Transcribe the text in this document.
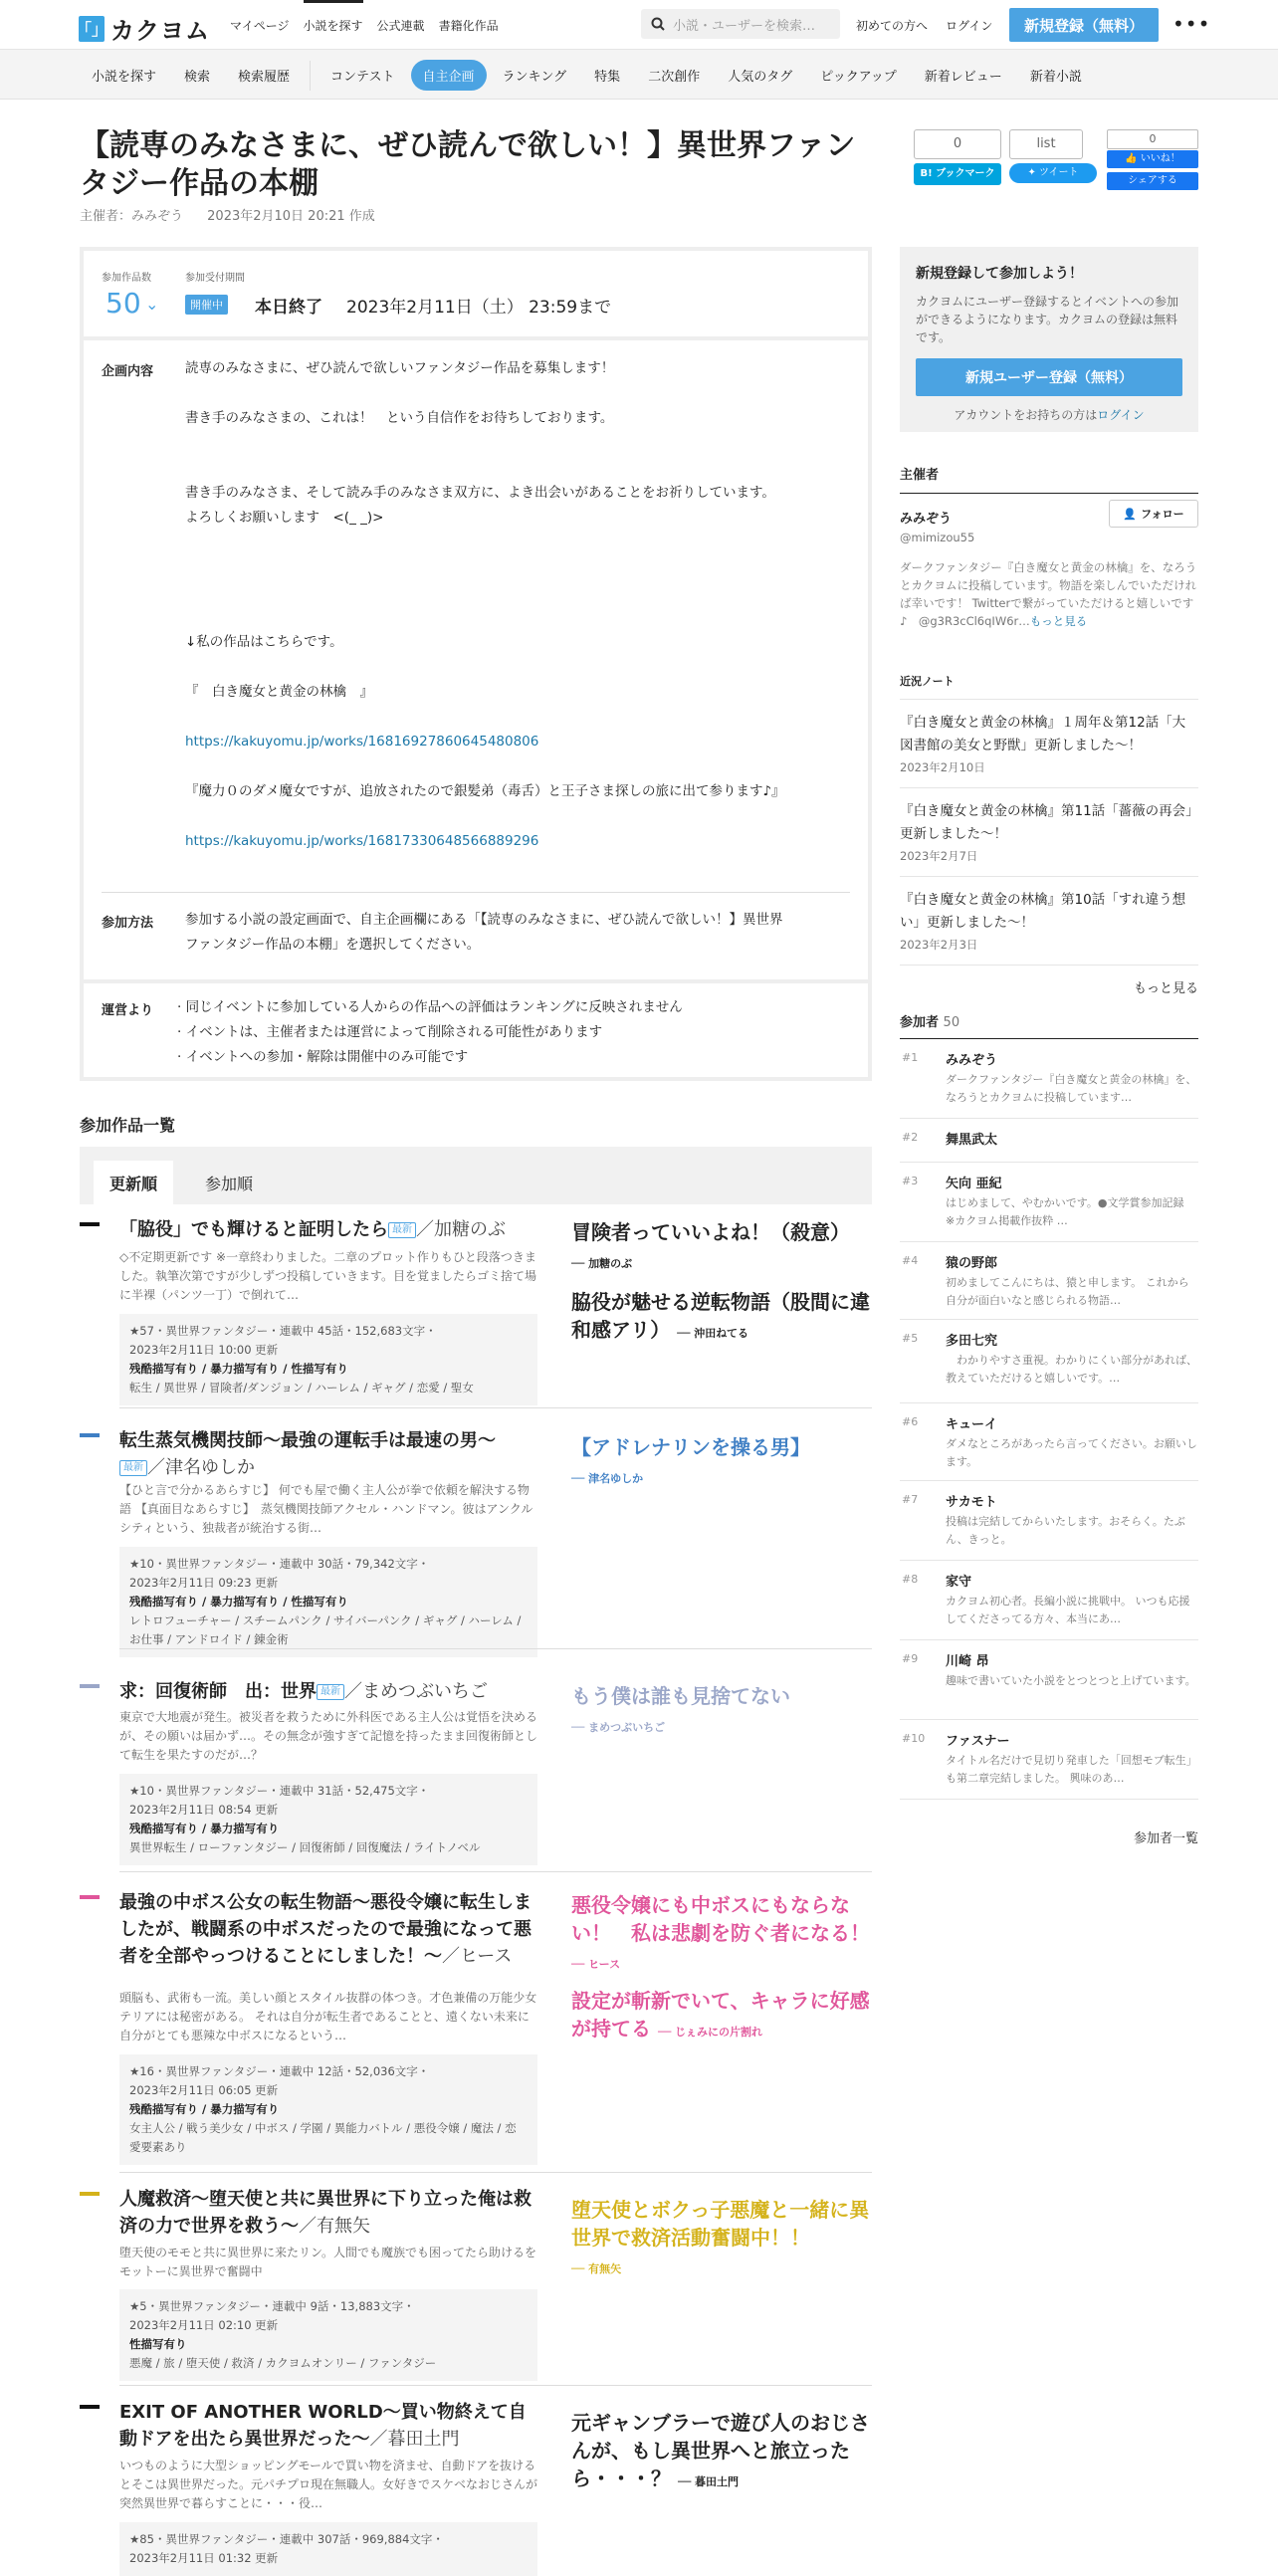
「」 カクヨム マイページ 小説を探す 公式連載 書籍化作品	小説・ユーザーを検索…	初めての方へ ログイン	新規登録（無料）	•••
小説を探す	検索	検索履歴	コンテスト	自主企画	ランキング	特集	二次創作	人気のタグ	ピックアップ	新着レビュー	新着小説
【読専のみなさまに、ぜひ読んで欲しい！】異世界ファンタジー作品の本棚
主催者：みみぞう 2023年2月10日 20:21 作成
0
B! ブックマーク
list
✦ ツイート
0
👍 いいね！
シェアする
参加作品数
50 ⌄
参加受付期間
開催中 本日終了 2023年2月11日（土） 23:59まで
企画内容 読専のみなさまに、ぜひ読んで欲しいファンタジー作品を募集します！
書き手のみなさまの、これは！　という自信作をお待ちしております。
書き手のみなさま、そして読み手のみなさま双方に、よき出会いがあることをお祈りしています。
よろしくお願いします　<(_ _)>
↓私の作品はこちらです。
『　白き魔女と黄金の林檎　』
https://kakuyomu.jp/works/16816927860645480806
『魔力０のダメ魔女ですが、追放されたので銀髪弟（毒舌）と王子さま探しの旅に出て参ります♪』
https://kakuyomu.jp/works/16817330648566889296
参加方法 参加する小説の設定画面で、自主企画欄にある「【読専のみなさまに、ぜひ読んで欲しい！】異世界
ファンタジー作品の本棚」を選択してください。
運営より · 同じイベントに参加している人からの作品への評価はランキングに反映されません
· イベントは、主催者または運営によって削除される可能性があります
· イベントへの参加・解除は開催中のみ可能です
参加作品一覧
更新順	参加順
「脇役」でも輝けると証明したら 最新 ／加糖のぶ
◇不定期更新です ※一章終わりました。二章のプロット作りもひと段落つきました。執筆次第ですが少しずつ投稿していきます。目を覚ましたらゴミ捨て場に半裸（パンツ一丁）で倒れて…
★57・異世界ファンタジー・連載中 45話・152,683文字・
2023年2月11日 10:00 更新
残酷描写有り / 暴力描写有り / 性描写有り
転生 / 異世界 / 冒険者/ダンジョン / ハーレム / ギャグ / 恋愛 / 聖女
冒険者っていいよね！（殺意）
── 加糖のぶ
脇役が魅せる逆転物語（股間に違和感アリ） ── 沖田ねてる
転生蒸気機関技師～最強の運転手は最速の男～
最新 ／津名ゆしか
【ひと言で分かるあらすじ】 何でも屋で働く主人公が拳で依頼を解決する物語 【真面目なあらすじ】　蒸気機関技師アクセル・ハンドマン。彼はアンクルシティという、独裁者が統治する街…
★10・異世界ファンタジー・連載中 30話・79,342文字・
2023年2月11日 09:23 更新
残酷描写有り / 暴力描写有り / 性描写有り
レトロフューチャー / スチームパンク / サイバーパンク / ギャグ / ハーレム / お仕事 / アンドロイド / 錬金術
【アドレナリンを操る男】
── 津名ゆしか
求：回復術師　出：世界 最新 ／まめつぶいちご
東京で大地震が発生。被災者を救うために外科医である主人公は覚悟を決めるが、その願いは届かず…。その無念が強すぎて記憶を持ったまま回復術師として転生を果たすのだが…？
★10・異世界ファンタジー・連載中 31話・52,475文字・
2023年2月11日 08:54 更新
残酷描写有り / 暴力描写有り
異世界転生 / ローファンタジー / 回復術師 / 回復魔法 / ライトノベル
もう僕は誰も見捨てない
── まめつぶいちご
最強の中ボス公女の転生物語～悪役令嬢に転生しましたが、戦闘系の中ボスだったので最強になって悪者を全部やっつけることにしました！～／ヒース
頭脳も、武術も一流。美しい顔とスタイル抜群の体つき。才色兼備の万能少女テリアには秘密がある。 それは自分が転生者であることと、遠くない未来に自分がとても悪辣な中ボスになるという…
★16・異世界ファンタジー・連載中 12話・52,036文字・
2023年2月11日 06:05 更新
残酷描写有り / 暴力描写有り
女主人公 / 戦う美少女 / 中ボス / 学園 / 異能力バトル / 悪役令嬢 / 魔法 / 恋愛要素あり
悪役令嬢にも中ボスにもならない！　私は悲劇を防ぐ者になる！ ── ヒース
設定が斬新でいて、キャラに好感が持てる ── じぇみにの片割れ
人魔救済～堕天使と共に異世界に下り立った俺は救済の力で世界を救う～／有無矢
堕天使のモモと共に異世界に来たリン。人間でも魔族でも困ってたら助けるをモットーに異世界で奮闘中
★5・異世界ファンタジー・連載中 9話・13,883文字・
2023年2月11日 02:10 更新
性描写有り
悪魔 / 旅 / 堕天使 / 救済 / カクヨムオンリー / ファンタジー
堕天使とボクっ子悪魔と一緒に異世界で救済活動奮闘中！！
── 有無矢
EXIT OF ANOTHER WORLD～買い物終えて自動ドアを出たら異世界だった～／暮田土門
いつものように大型ショッピングモールで買い物を済ませ、自動ドアを抜けるとそこは異世界だった。元パチプロ現在無職人。女好きでスケベなおじさんが突然異世界で暮らすことに・・・役…
★85・異世界ファンタジー・連載中 307話・969,884文字・
2023年2月11日 01:32 更新
元ギャンブラーで遊び人のおじさんが、もし異世界へと旅立ったら・・・？ ── 暮田土門
新規登録して参加しよう！
カクヨムにユーザー登録するとイベントへの参加ができるようになります。カクヨムの登録は無料です。
新規ユーザー登録（無料）
アカウントをお持ちの方はログイン
主催者
みみぞう
@mimizou55
👤 フォロー
ダークファンタジー『白き魔女と黄金の林檎』を、なろうとカクヨムに投稿しています。物語を楽しんでいただければ幸いです！ Twitterで繋がっていただけると嬉しいです♪　@g3R3cCl6qIW6r…もっと見る
近況ノート
『白き魔女と黄金の林檎』１周年＆第12話「大図書館の美女と野獣」更新しました～！
2023年2月10日
『白き魔女と黄金の林檎』第11話「薔薇の再会」更新しました～！
2023年2月7日
『白き魔女と黄金の林檎』第10話「すれ違う想い」更新しました～！
2023年2月3日
もっと見る
参加者 50
#1 みみぞう
ダークファンタジー『白き魔女と黄金の林檎』を、なろうとカクヨムに投稿しています…
#2 舞黒武太
#3 矢向 亜紀
はじめまして、やむかいです。●文学賞参加記録　※カクヨム掲載作抜粋 …
#4 猿の野郎
初めましてこんにちは、猿と申します。 これから自分が面白いなと感じられる物語…
#5 多田七究
　わかりやすさ重視。わかりにくい部分があれば、教えていただけると嬉しいです。…
#6 キューイ
ダメなところがあったら言ってください。お願いします。
#7 サカモト
投稿は完結してからいたします。おそらく。たぶん、きっと。
#8 家守
カクヨム初心者。長編小説に挑戦中。 いつも応援してくださってる方々、本当にあ…
#9 川崎 昂
趣味で書いていた小説をとつとつと上げています。
#10 ファスナー
タイトル名だけで見切り発車した「回想モブ転生」も第二章完結しました。 興味のあ…
参加者一覧
